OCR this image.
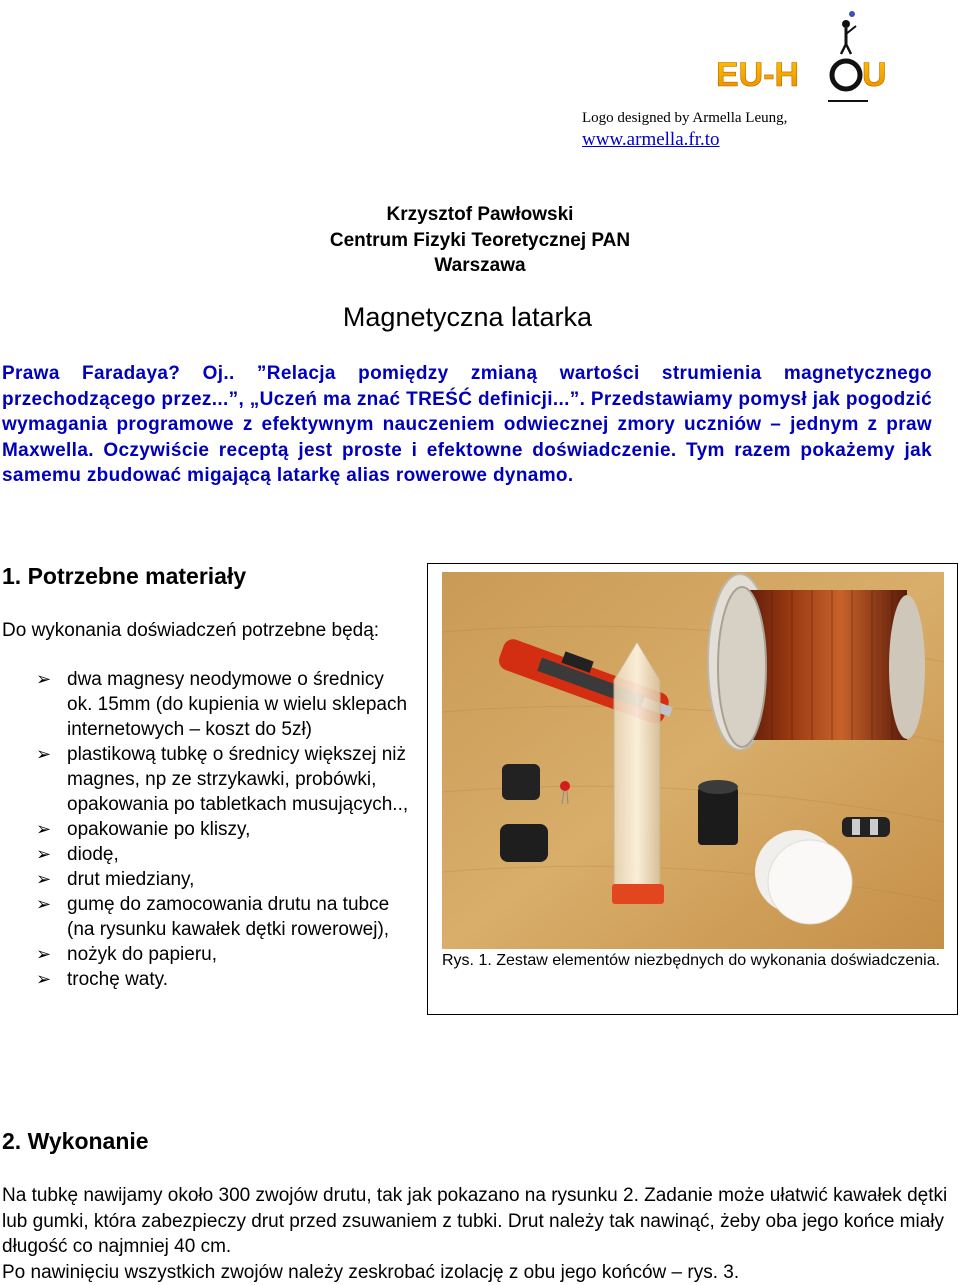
EU-H U
Logo designed by Armella Leung,
www.armella.fr.to
Krzysztof Pawłowski
Centrum Fizyki Teoretycznej PAN
Warszawa
Magnetyczna latarka
Prawa Faradaya? Oj.. ”Relacja pomiędzy zmianą wartości strumienia magnetycznego przechodzącego przez...”, „Uczeń ma znać TREŚĆ definicji...”. Przedstawiamy pomysł jak pogodzić wymagania programowe z efektywnym nauczeniem odwiecznej zmory uczniów – jednym z praw Maxwella. Oczywiście receptą jest proste i efektowne doświadczenie. Tym razem pokażemy jak samemu zbudować migającą latarkę alias rowerowe dynamo.
1. Potrzebne materiały
Do wykonania doświadczeń potrzebne będą:
➢ dwa magnesy neodymowe o średnicy ok. 15mm (do kupienia w wielu sklepach internetowych – koszt do 5zł)
➢ plastikową tubkę o średnicy większej niż magnes, np ze strzykawki, probówki, opakowania po tabletkach musujących..,
➢ opakowanie po kliszy,
➢ diodę,
➢ drut miedziany,
➢ gumę do zamocowania drutu na tubce (na rysunku kawałek dętki rowerowej),
➢ nożyk do papieru,
➢ trochę waty.
Rys. 1. Zestaw elementów niezbędnych do wykonania doświadczenia.
2. Wykonanie

Na tubkę nawijamy około 300 zwojów drutu, tak jak pokazano na rysunku 2. Zadanie może ułatwić kawałek dętki lub gumki, która zabezpieczy drut przed zsuwaniem z tubki. Drut należy tak nawinąć, żeby oba jego końce miały długość co najmniej 40 cm.

Po nawinięciu wszystkich zwojów należy zeskrobać izolację z obu jego końców – rys. 3.
